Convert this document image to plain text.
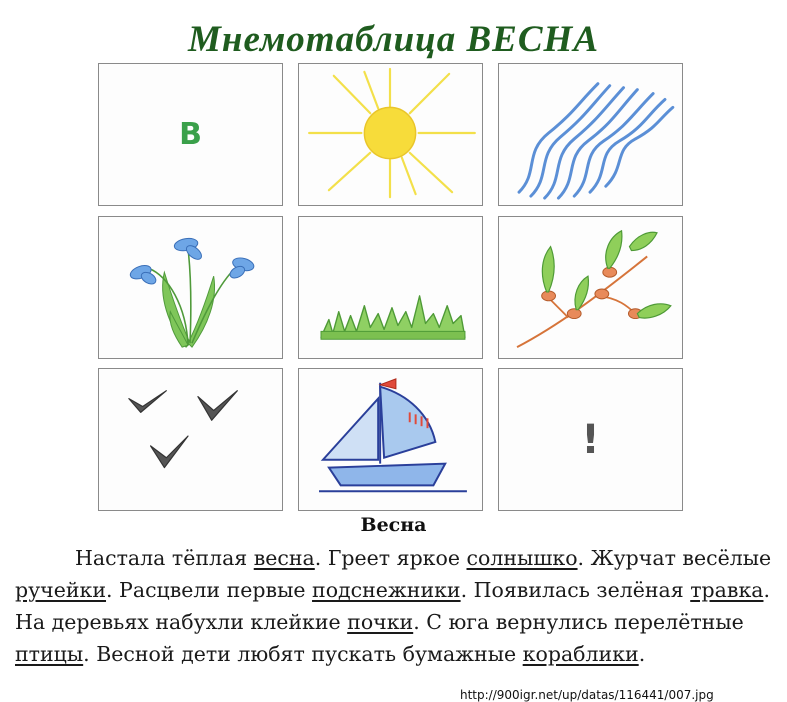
Мнемотаблица ВЕСНА
В
!
Весна

Настала тёплая весна. Греет яркое солнышко. Журчат весёлые ручейки. Расцвели первые подснежники. Появилась зелёная травка. На деревьях набухли клейкие почки. С юга вернулись перелётные птицы. Весной дети любят пускать бумажные кораблики.

http://900igr.net/up/datas/116441/007.jpg
